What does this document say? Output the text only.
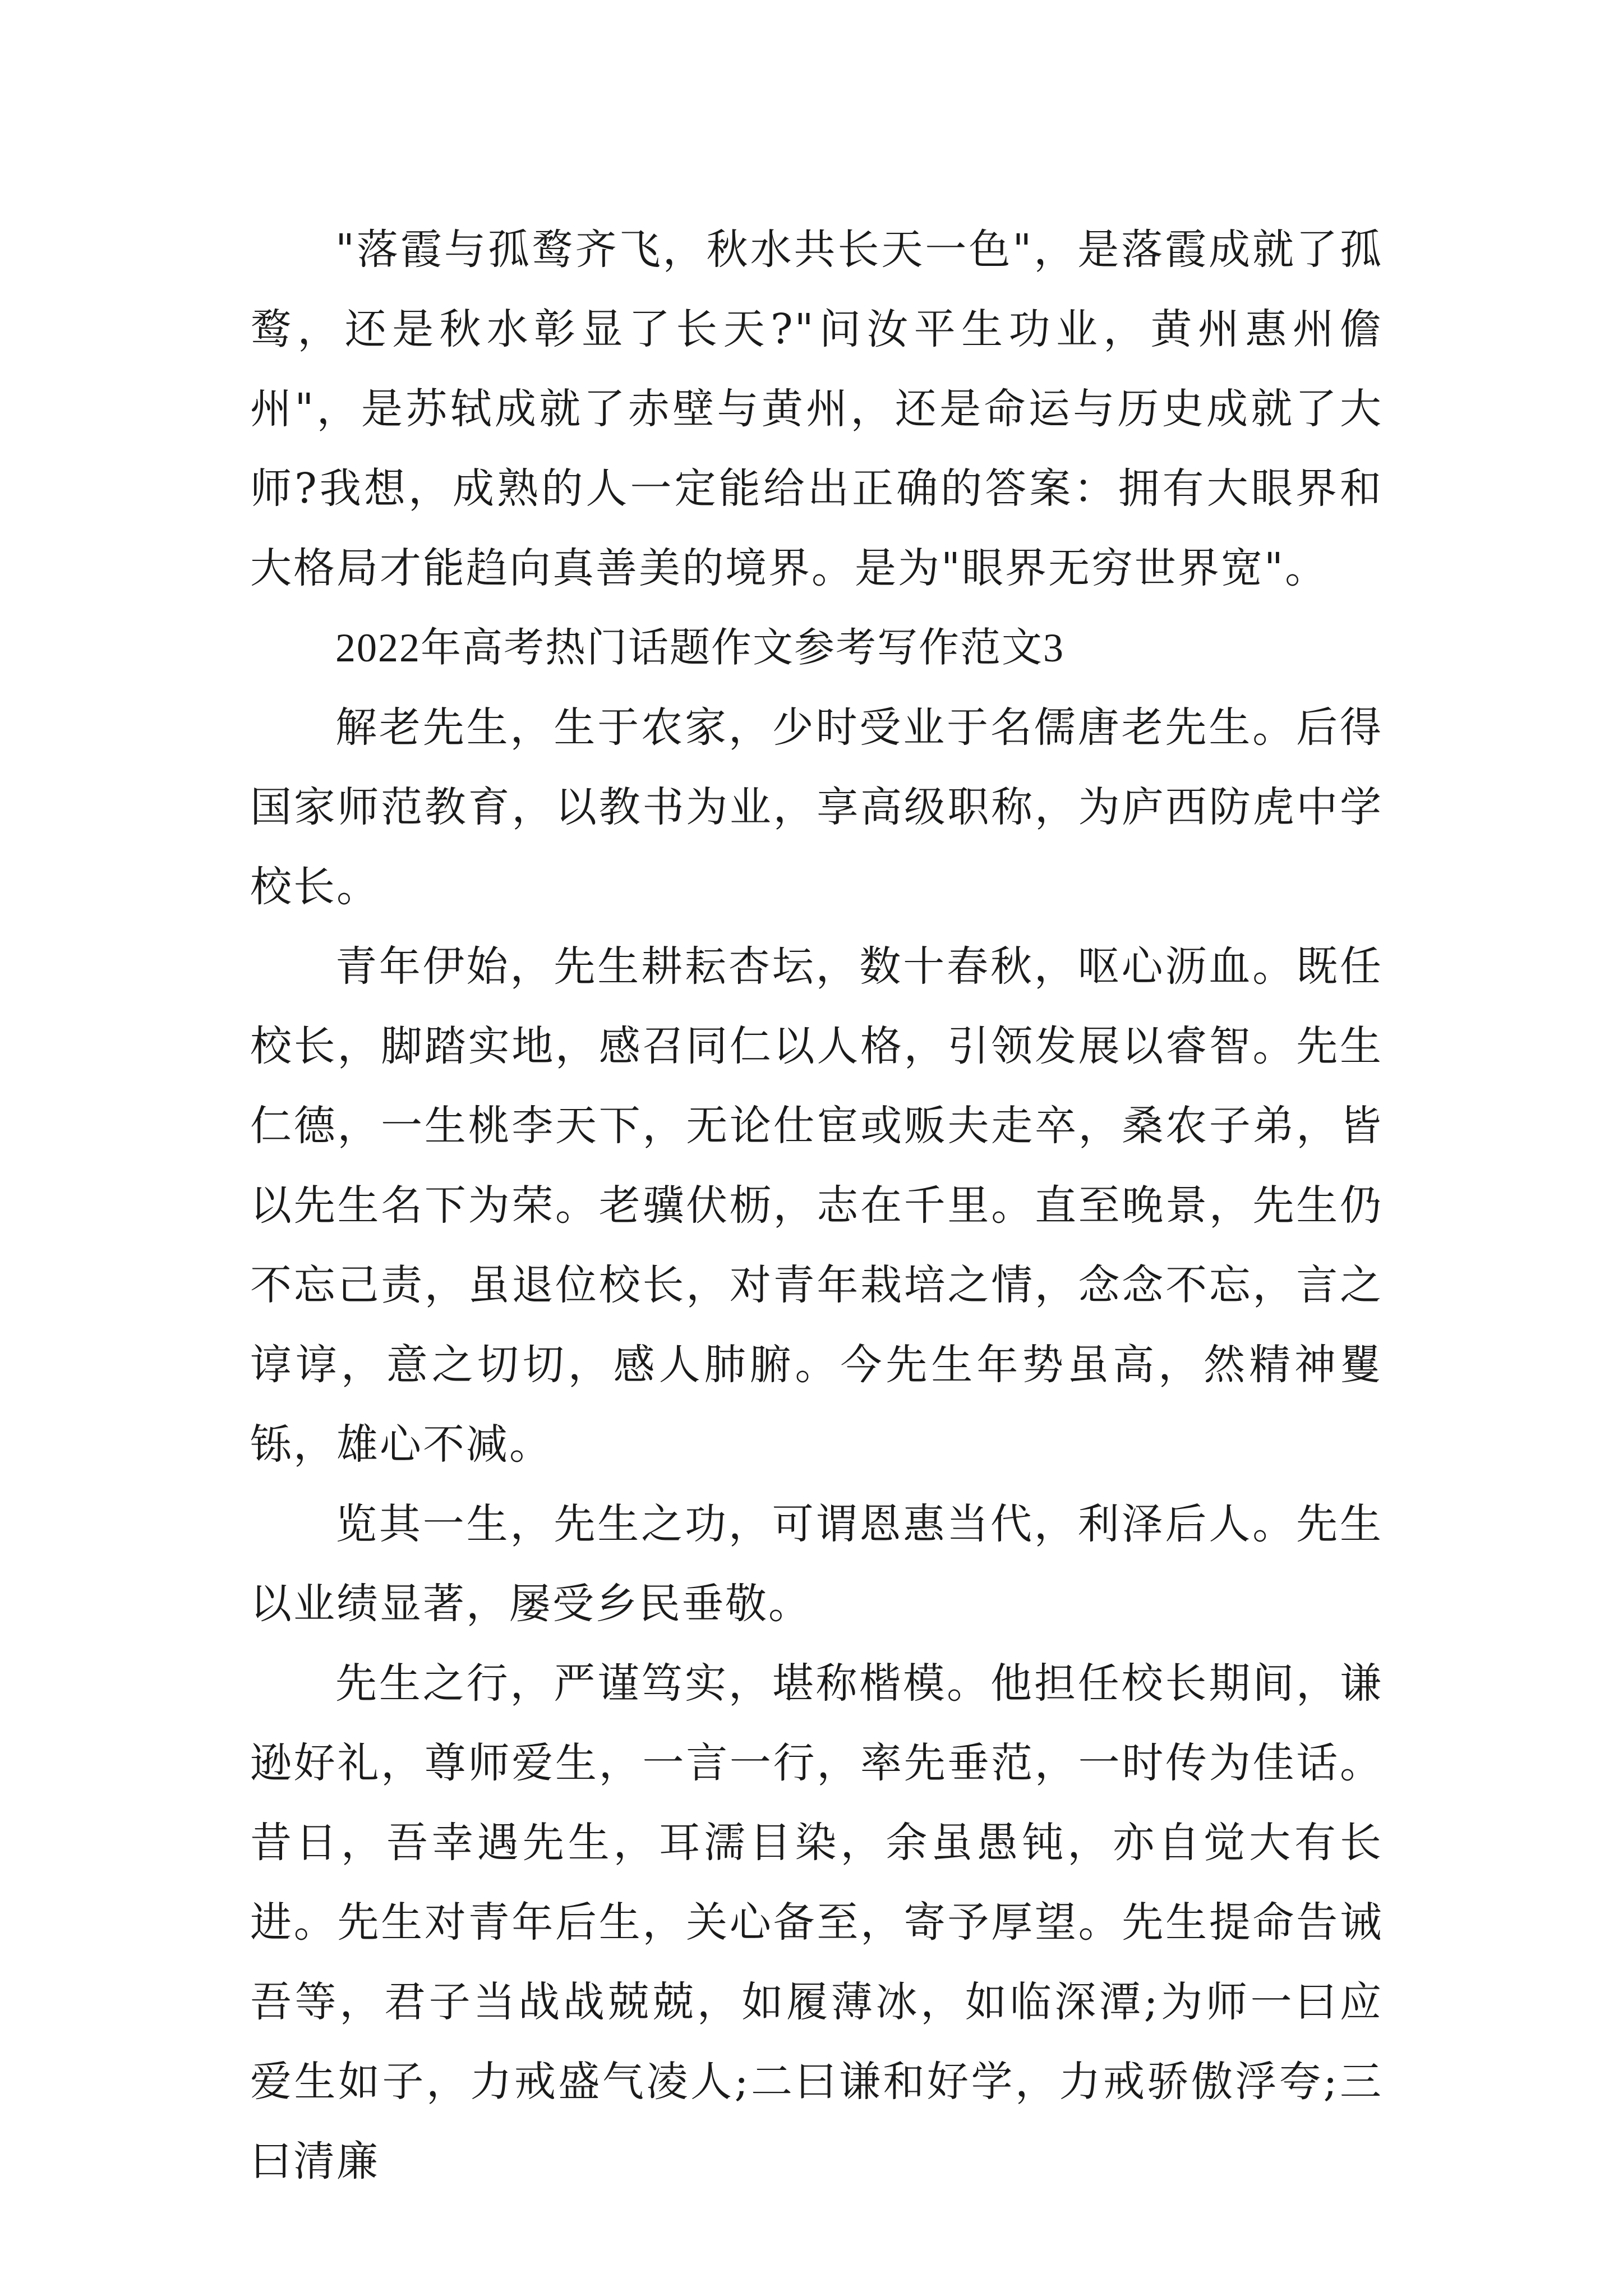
"落霞与孤鹜齐飞，秋水共长天一色"，是落霞成就了孤鹜，还是秋水彰显了长天?"问汝平生功业，黄州惠州儋州"，是苏轼成就了赤壁与黄州，还是命运与历史成就了大师?我想，成熟的人一定能给出正确的答案：拥有大眼界和大格局才能趋向真善美的境界。是为"眼界无穷世界宽"。

2022年高考热门话题作文参考写作范文3

解老先生，生于农家，少时受业于名儒唐老先生。后得国家师范教育，以教书为业，享高级职称，为庐西防虎中学校长。

青年伊始，先生耕耘杏坛，数十春秋，呕心沥血。既任校长，脚踏实地，感召同仁以人格，引领发展以睿智。先生仁德，一生桃李天下，无论仕宦或贩夫走卒，桑农子弟，皆以先生名下为荣。老骥伏枥，志在千里。直至晚景，先生仍不忘己责，虽退位校长，对青年栽培之情，念念不忘，言之谆谆，意之切切，感人肺腑。今先生年势虽高，然精神矍铄，雄心不减。

览其一生，先生之功，可谓恩惠当代，利泽后人。先生以业绩显著，屡受乡民垂敬。

先生之行，严谨笃实，堪称楷模。他担任校长期间，谦逊好礼，尊师爱生，一言一行，率先垂范，一时传为佳话。昔日，吾幸遇先生，耳濡目染，余虽愚钝，亦自觉大有长进。先生对青年后生，关心备至，寄予厚望。先生提命告诫吾等，君子当战战兢兢，如履薄冰，如临深潭;为师一曰应爱生如子，力戒盛气凌人;二曰谦和好学，力戒骄傲浮夸;三曰清廉
